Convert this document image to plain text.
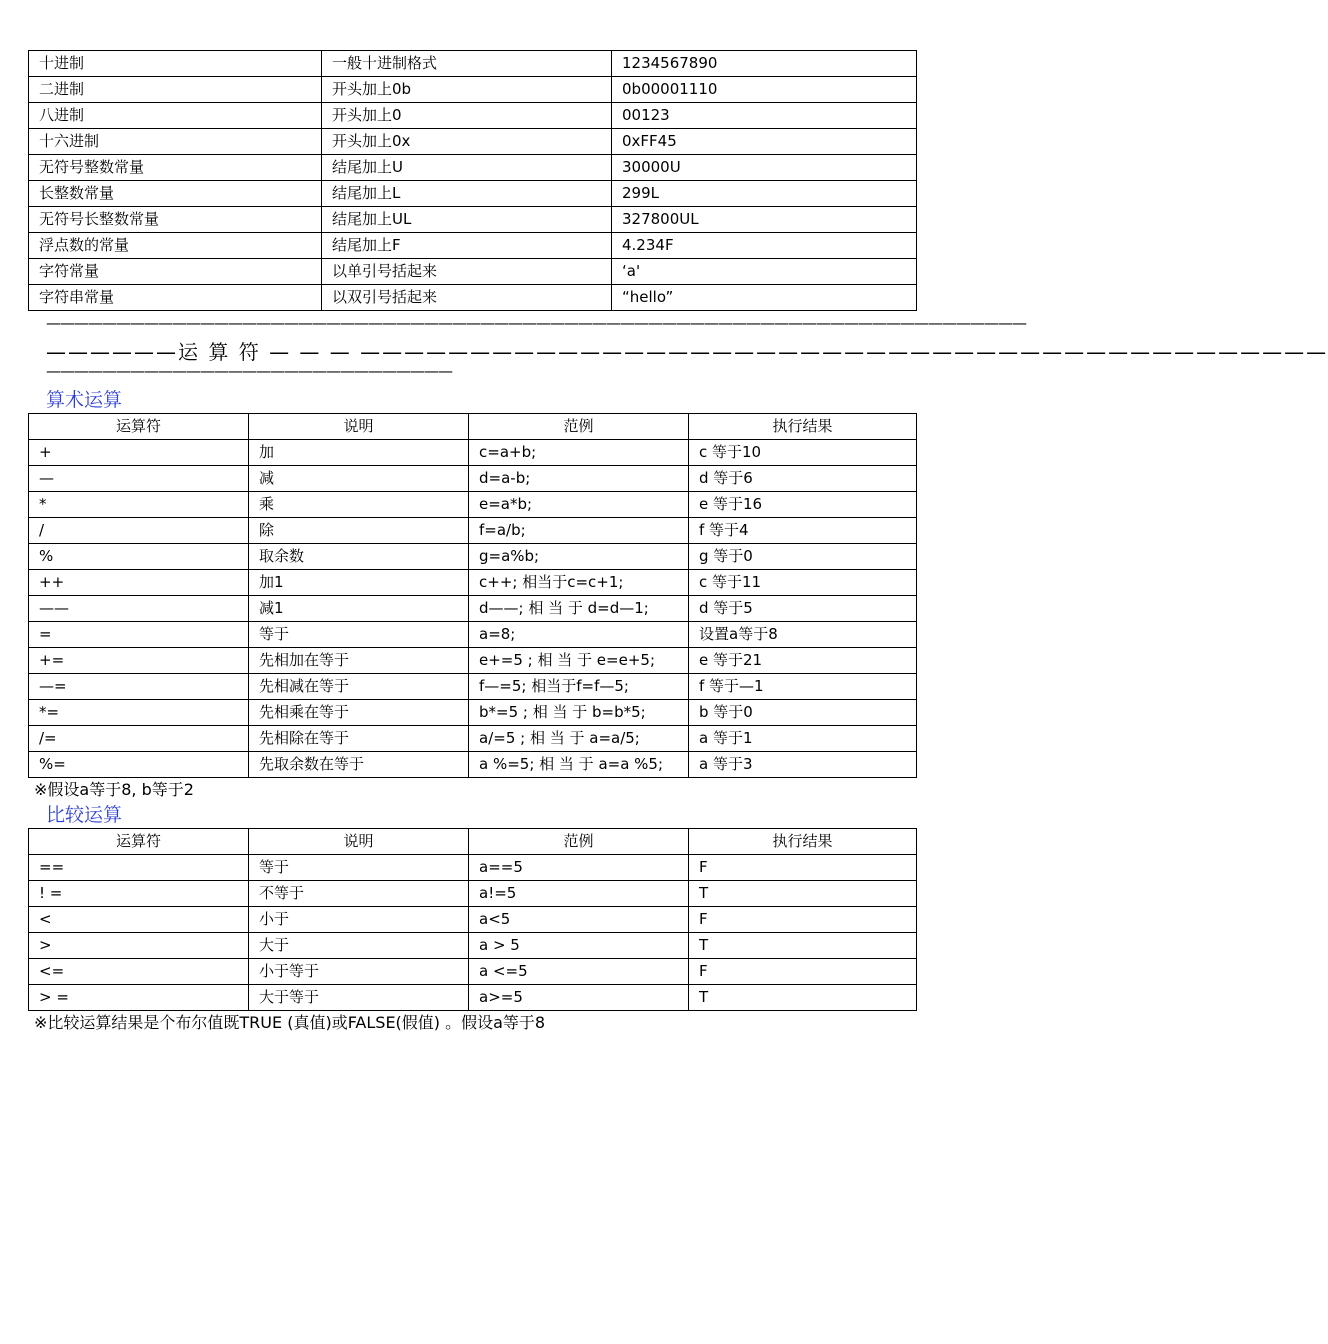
十进制	一般十进制格式	1234567890
二进制	开头加上0b	0b00001110
八进制	开头加上0	00123
十六进制	开头加上0x	0xFF45
无符号整数常量	结尾加上U	30000U
长整数常量	结尾加上L	299L
无符号长整数常量	结尾加上UL	327800UL
浮点数的常量	结尾加上F	4.234F
字符常量	以单引号括起来	‘a'
字符串常量	以双引号括起来	“hello”
——————————————————————————————————————————————————————————————————————
——————运 算 符 — — — ————————————————————————————————————————————
—————————————————————————————
算术运算
运算符	说明	范例	执行结果
+	加	c=a+b;	c 等于10
—	减	d=a-b;	d 等于6
*	乘	e=a*b;	e 等于16
/	除	f=a/b;	f 等于4
%	取余数	g=a%b;	g 等于0
++	加1	c++; 相当于c=c+1;	c 等于11
——	减1	d——; 相 当 于 d=d—1;	d 等于5
=	等于	a=8;	设置a等于8
+=	先相加在等于	e+=5 ; 相 当 于 e=e+5;	e 等于21
—=	先相减在等于	f—=5; 相当于f=f—5;	f 等于—1
*=	先相乘在等于	b*=5 ; 相 当 于 b=b*5;	b 等于0
/=	先相除在等于	a/=5 ; 相 当 于 a=a/5;	a 等于1
%=	先取余数在等于	a %=5; 相 当 于 a=a %5;	a 等于3
※假设a等于8, b等于2
比较运算
运算符	说明	范例	执行结果
==	等于	a==5	F
! =	不等于	a!=5	T
<	小于	a<5	F
>	大于	a > 5	T
<=	小于等于	a <=5	F
> =	大于等于	a>=5	T
※比较运算结果是个布尔值既TRUE (真值)或FALSE(假值) 。假设a等于8
